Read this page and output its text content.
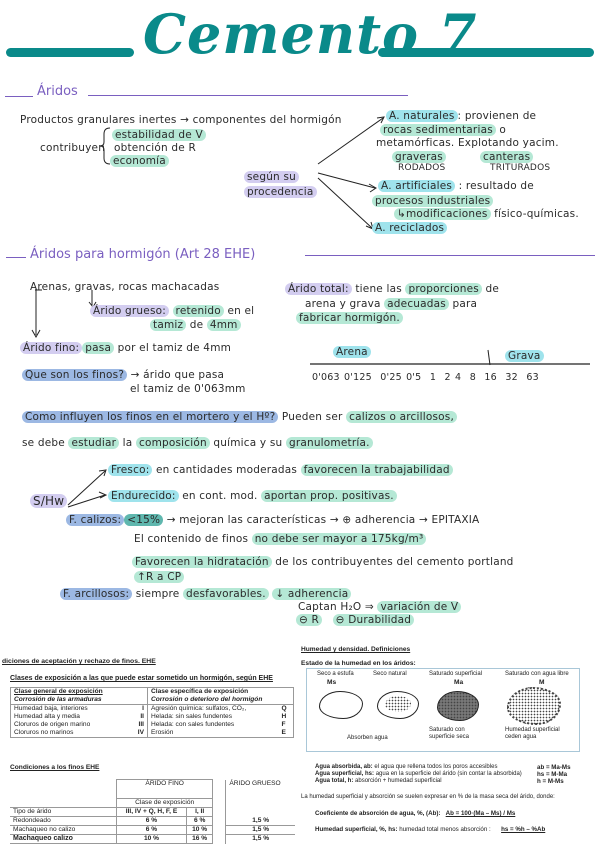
Cemento 7
Áridos
Productos granulares inertes → componentes del hormigón
contribuyen
estabilidad de V
obtención de R
economía
según su
procedencia
A. naturales : provienen de
rocas sedimentarias o
metamórficas. Explotando yacim.
graveras
RODADOS
canteras
TRITURADOS
A. artificiales : resultado de
procesos industriales
↳modificaciones físico-químicas.
A. reciclados
Áridos para hormigón (Art 28 EHE)
Arenas, gravas, rocas machacadas
Árido grueso: retenido en el
tamiz de 4mm
Árido fino: pasa por el tamiz de 4mm
Que son los finos? → árido que pasa
el tamiz de 0'063mm
Árido total: tiene las proporciones de
arena y grava adecuadas para
fabricar hormigón.
Arena	Grava
0'063 0'125 0'25 0'5 1 2 4 8 16 32 63
Como influyen los finos en el mortero y el Hº? Pueden ser calizos o arcillosos,
se debe estudiar la composición química y su granulometría.
S/Hw
Fresco: en cantidades moderadas favorecen la trabajabilidad
Endurecido: en cont. mod. aportan prop. positivas.
F. calizos: <15% → mejoran las características → ⊕ adherencia → EPITAXIA
El contenido de finos no debe ser mayor a 175kg/m³
Favorecen la hidratación de los contribuyentes del cemento portland
↑R a CP
F. arcillosos: siempre desfavorables. ↓ adherencia
Captan H₂O ⇒ variación de V
⊖ R ⊖ Durabilidad
diciones de aceptación y rechazo de finos. EHE
Clases de exposición a las que puede estar sometido un hormigón, según EHE
Clase general de exposición	Clase específica de exposición	
Corrosión de las armaduras	Corrosión o deterioro del hormigón	
Humedad baja, interiores I	Agresión química: sulfatos, CO₂,	Q
Humedad alta y media II	Helada: sin sales fundentes	H
Cloruros de origen marino III	Helada: con sales fundentes	F
Cloruros no marinos IV	Erosión	E
Condiciones a los finos EHE
	ÁRIDO FINO			ÁRIDO GRUESO
	Clase de exposición			
Tipo de árido	III, IV + Q, H, F, E	I, II		
Redondeado	6 %	6 %		1,5 %
Machaqueo no calizo	6 %	10 %		1,5 %
Machaqueo calizo	10 %	16 %		1,5 %
Humedad y densidad. Definiciones
Estado de la humedad en los áridos:
Seco a estufa
Ms
Seco natural	Saturado superficial
Ma
Saturado con agua libre
M
Absorben agua
Saturado con superficie seca
Humedad superficial ceden agua
Agua absorbida, ab: el agua que rellena todos los poros accesibles	ab = Ma-Ms
Agua superficial, hs: agua en la superficie del árido (sin contar la absorbida) hs = M-Ma
Agua total, h: absorción + humedad superficial	h = M-Ms
La humedad superficial y absorción se suelen expresar en % de la masa seca del árido, donde:
Coeficiente de absorción de agua, %, (Ab): Ab = 100·(Ma – Ms) / Ms
Humedad superficial, %, hs: humedad total menos absorción : hs = %h – %Ab
